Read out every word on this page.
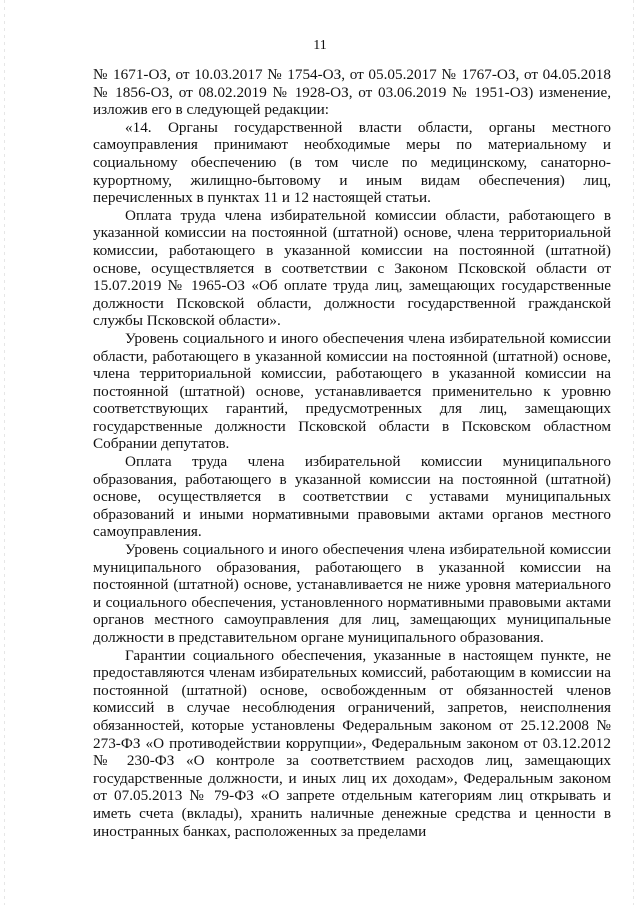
11

№ 1671-ОЗ, от 10.03.2017 № 1754-ОЗ, от 05.05.2017 № 1767-ОЗ, от 04.05.2018 № 1856-ОЗ, от 08.02.2019 № 1928-ОЗ, от 03.06.2019 № 1951-ОЗ) изменение, изложив его в следующей редакции:

«14. Органы государственной власти области, органы местного самоуправления принимают необходимые меры по материальному и социальному обеспечению (в том числе по медицинскому, санаторно-курортному, жилищно-бытовому и иным видам обеспечения) лиц, перечисленных в пунктах 11 и 12 настоящей статьи.

Оплата труда члена избирательной комиссии области, работающего в указанной комиссии на постоянной (штатной) основе, члена территориальной комиссии, работающего в указанной комиссии на постоянной (штатной) основе, осуществляется в соответствии с Законом Псковской области от 15.07.2019 № 1965-ОЗ «Об оплате труда лиц, замещающих государственные должности Псковской области, должности государственной гражданской службы Псковской области».

Уровень социального и иного обеспечения члена избирательной комиссии области, работающего в указанной комиссии на постоянной (штатной) основе, члена территориальной комиссии, работающего в указанной комиссии на постоянной (штатной) основе, устанавливается применительно к уровню соответствующих гарантий, предусмотренных для лиц, замещающих государственные должности Псковской области в Псковском областном Собрании депутатов.

Оплата труда члена избирательной комиссии муниципального образования, работающего в указанной комиссии на постоянной (штатной) основе, осуществляется в соответствии с уставами муниципальных образований и иными нормативными правовыми актами органов местного самоуправления.

Уровень социального и иного обеспечения члена избирательной комиссии муниципального образования, работающего в указанной комиссии на постоянной (штатной) основе, устанавливается не ниже уровня материального и социального обеспечения, установленного нормативными правовыми актами органов местного самоуправления для лиц, замещающих муниципальные должности в представительном органе муниципального образования.

Гарантии социального обеспечения, указанные в настоящем пункте, не предоставляются членам избирательных комиссий, работающим в комиссии на постоянной (штатной) основе, освобожденным от обязанностей членов комиссий в случае несоблюдения ограничений, запретов, неисполнения обязанностей, которые установлены Федеральным законом от 25.12.2008 № 273-ФЗ «О противодействии коррупции», Федеральным законом от 03.12.2012 № 230-ФЗ «О контроле за соответствием расходов лиц, замещающих государственные должности, и иных лиц их доходам», Федеральным законом от 07.05.2013 № 79-ФЗ «О запрете отдельным категориям лиц открывать и иметь счета (вклады), хранить наличные денежные средства и ценности в иностранных банках, расположенных за пределами
